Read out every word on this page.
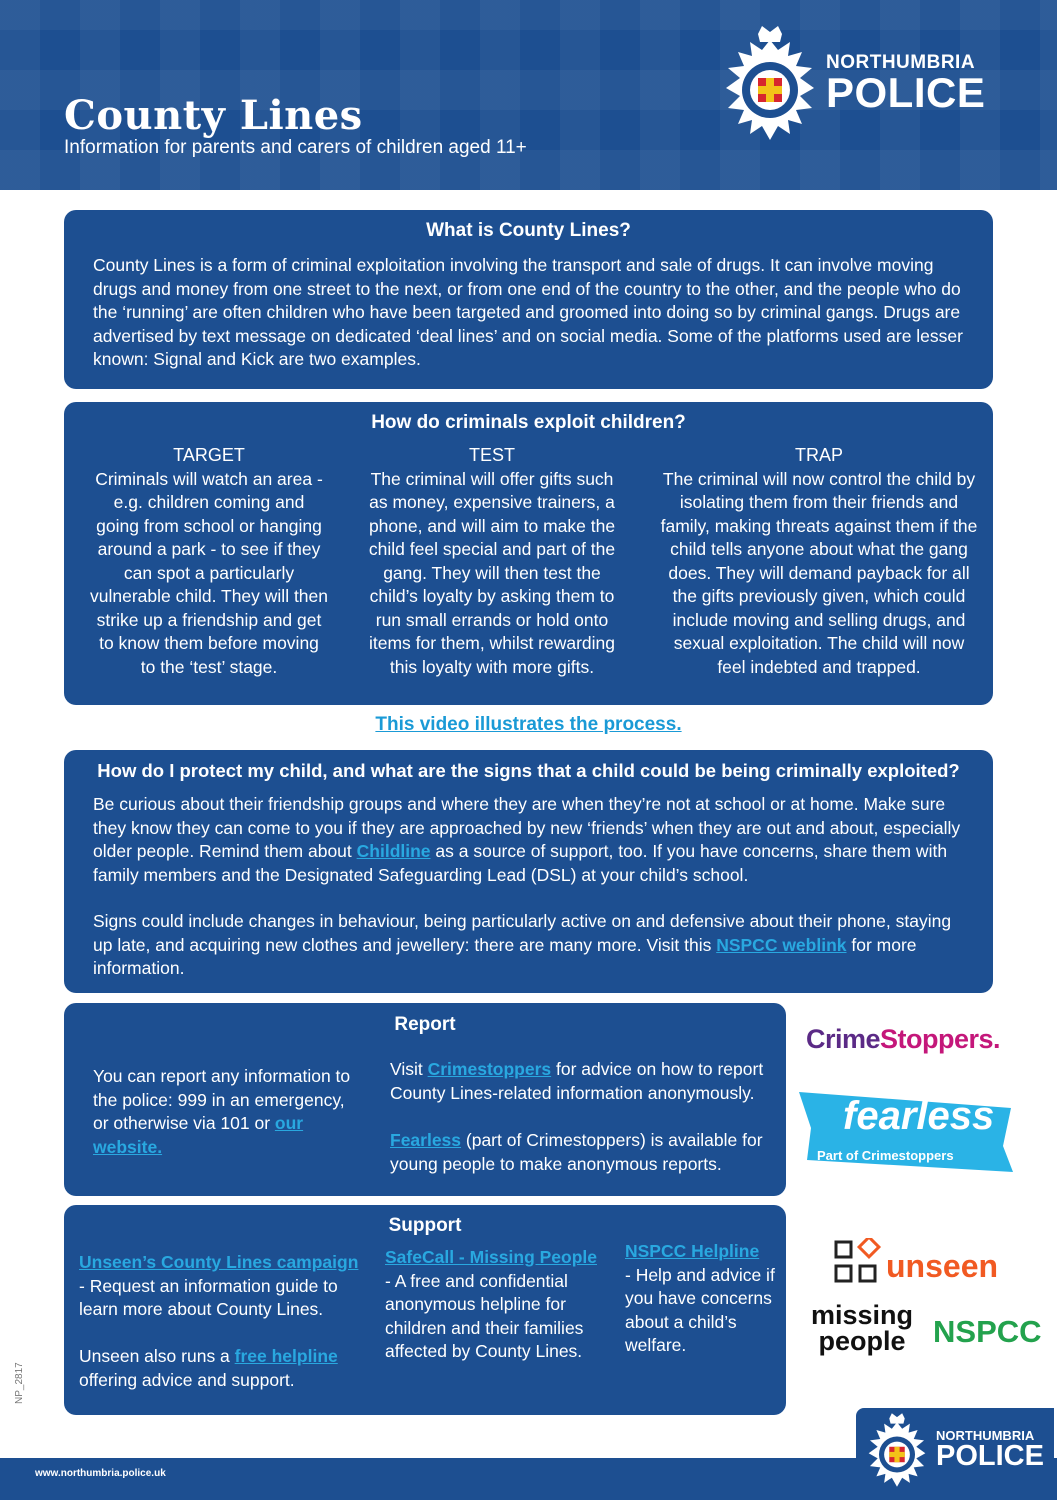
County Lines

Information for parents and carers of children aged 11+

NORTHUMBRIA
POLICE
What is County Lines?

County Lines is a form of criminal exploitation involving the transport and sale of drugs. It can involve moving drugs and money from one street to the next, or from one end of the country to the other, and the people who do the ‘running’ are often children who have been targeted and groomed into doing so by criminal gangs. Drugs are advertised by text message on dedicated ‘deal lines’ and on social media. Some of the platforms used are lesser known: Signal and Kick are two examples.

How do criminals exploit children?
TARGET
Criminals will watch an area - e.g. children coming and going from school or hanging around a park - to see if they can spot a particularly vulnerable child. They will then strike up a friendship and get to know them before moving to the ‘test’ stage.
TEST
The criminal will offer gifts such as money, expensive trainers, a phone, and will aim to make the child feel special and part of the gang. They will then test the child’s loyalty by asking them to run small errands or hold onto items for them, whilst rewarding this loyalty with more gifts.
TRAP
The criminal will now control the child by isolating them from their friends and family, making threats against them if the child tells anyone about what the gang does. They will demand payback for all the gifts previously given, which could include moving and selling drugs, and sexual exploitation. The child will now feel indebted and trapped.
This video illustrates the process.
How do I protect my child, and what are the signs that a child could be being criminally exploited?

Be curious about their friendship groups and where they are when they’re not at school or at home. Make sure they know they can come to you if they are approached by new ‘friends’ when they are out and about, especially older people. Remind them about Childline as a source of support, too. If you have concerns, share them with family members and the Designated Safeguarding Lead (DSL) at your child’s school.

Signs could include changes in behaviour, being particularly active on and defensive about their phone, staying up late, and acquiring new clothes and jewellery: there are many more. Visit this NSPCC weblink for more information.

Report

You can report any information to the police: 999 in an emergency, or otherwise via 101 or our website.

Visit Crimestoppers for advice on how to report County Lines-related information anonymously.

Fearless (part of Crimestoppers) is available for young people to make anonymous reports.

Support
Unseen’s County Lines campaign
- Request an information guide to learn more about County Lines.

Unseen also runs a free helpline offering advice and support.
SafeCall - Missing People
- A free and confidential anonymous helpline for children and their families affected by County Lines.
NSPCC Helpline
- Help and advice if you have concerns about a child’s welfare.
CrimeStoppers.
fearless
Part of Crimestoppers
unseen
missing
people NSPCC
www.northumbria.police.uk
NP_2817
NORTHUMBRIA
POLICE
